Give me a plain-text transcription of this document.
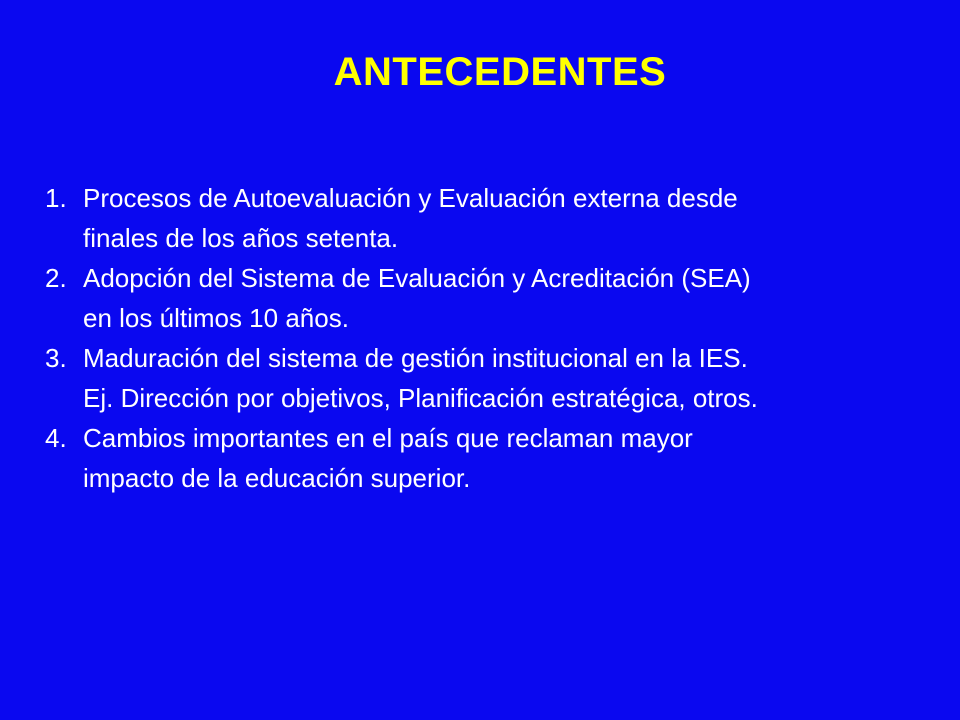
ANTECEDENTES
1. Procesos de Autoevaluación y Evaluación externa desde
finales de los años setenta.
2. Adopción del Sistema de Evaluación y Acreditación (SEA)
en los últimos 10 años.
3. Maduración del sistema de gestión institucional en la IES.
Ej. Dirección por objetivos, Planificación estratégica, otros.
4. Cambios importantes en el país que reclaman mayor
impacto de la educación superior.
